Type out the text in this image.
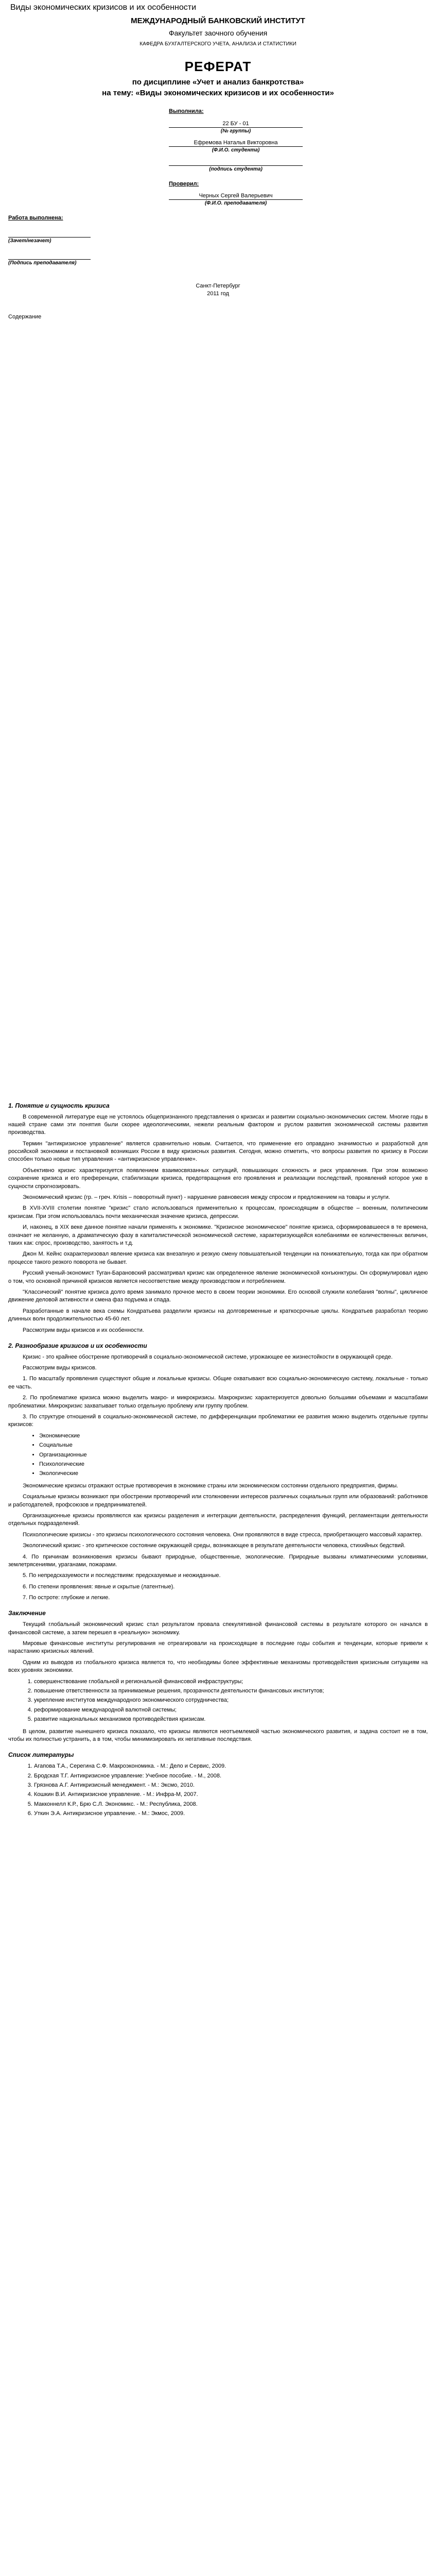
Виды экономических кризисов и их особенности
МЕЖДУНАРОДНЫЙ БАНКОВСКИЙ ИНСТИТУТ
Факультет заочного обучения
КАФЕДРА БУХГАЛТЕРСКОГО УЧЕТА, АНАЛИЗА И СТАТИСТИКИ
РЕФЕРАТ
по дисциплине «Учет и анализ банкротства»
на тему: «Виды экономических кризисов и их особенности»
Выполнила:
22 БУ - 01
(№ группы)
Ефремова Наталья Викторовна
(Ф.И.О. студента)
(подпись студента)
Проверил:
Черных Сергей Валерьевич
(Ф.И.О. преподавателя)
Работа выполнена:
(Зачет/незачет)
(Подпись преподавателя)
Санкт-Петербург
2011 год
Содержание
1. Понятие и сущность кризиса

В современной литературе еще не устоялось общепризнанного представления о кризисах и развитии социально-экономических систем. Многие годы в нашей стране сами эти понятия были скорее идеологическими, нежели реальным фактором и руслом развития экономической системы развития производства.

Термин "антикризисное управление" является сравнительно новым. Считается, что применение его оправдано значимостью и разработкой для российской экономики и постановкой возникших России в виду кризисных развития. Сегодня, можно отметить, что вопросы развития по кризису в России способен только новые тип управления - «антикризисное управление».

Объективно кризис характеризуется появлением взаимосвязанных ситуаций, повышающих сложность и риск управления. При этом возможно сохранение кризиса и его преференции, стабилизации кризиса, предотвращения его проявления и реализации последствий, проявлений которое уже в сущности спрогнозировать.

Экономический кризис (гр. – греч. Krisis – поворотный пункт) - нарушение равновесия между спросом и предложением на товары и услуги.

В XVII-XVIII столетии понятие "кризис" стало использоваться применительно к процессам, происходящим в обществе – военным, политическим кризисам. При этом использовалась почти механическая значение кризиса, депрессии.

И, наконец, в XIX веке данное понятие начали применять к экономике. "Кризисное экономическое" понятие кризиса, сформировавшееся в те времена, означает не желанную, а драматическую фазу в капиталистической экономической системе, характеризующейся колебаниями ее количественных величин, таких как: спрос, производство, занятость и т.д.

Джон М. Кейнс охарактеризовал явление кризиса как внезапную и резкую смену повышательной тенденции на понижательную, тогда как при обратном процессе такого резкого поворота не бывает.

Русский ученый-экономист Туган-Барановский рассматривал кризис как определенное явление экономической конъюнктуры. Он сформулировал идею о том, что основной причиной кризисов является несоответствие между производством и потреблением.

"Классический" понятие кризиса долго время занимало прочное место в своем теории экономики. Его основой служили колебания "волны", цикличное движение деловой активности и смена фаз подъема и спада.

Разработанные в начале века схемы Кондратьева разделили кризисы на долговременные и краткосрочные циклы. Кондратьев разработал теорию длинных волн продолжительностью 45-60 лет.

Рассмотрим виды кризисов и их особенности.

2. Разнообразие кризисов и их особенности

Кризис - это крайнее обострение противоречий в социально-экономической системе, угрожающее ее жизнестойкости в окружающей среде.

Рассмотрим виды кризисов.

1. По масштабу проявления существуют общие и локальные кризисы. Общие охватывают всю социально-экономическую систему, локальные - только ее часть.

2. По проблематике кризиса можно выделить макро- и микрокризисы. Макрокризис характеризуется довольно большими объемами и масштабами проблематики. Микрокризис захватывает только отдельную проблему или группу проблем.

3. По структуре отношений в социально-экономической системе, по дифференциации проблематики ее развития можно выделить отдельные группы кризисов:

• Экономические
• Социальные
• Организационные
• Психологические
• Экологические

Экономические кризисы отражают острые противоречия в экономике страны или экономическом состоянии отдельного предприятия, фирмы.

Социальные кризисы возникают при обострении противоречий или столкновении интересов различных социальных групп или образований: работников и работодателей, профсоюзов и предпринимателей.

Организационные кризисы проявляются как кризисы разделения и интеграции деятельности, распределения функций, регламентации деятельности отдельных подразделений.

Психологические кризисы - это кризисы психологического состояния человека. Они проявляются в виде стресса, приобретающего массовый характер.

Экологический кризис - это критическое состояние окружающей среды, возникающее в результате деятельности человека, стихийных бедствий.

4. По причинам возникновения кризисы бывают природные, общественные, экологические. Природные вызваны климатическими условиями, землетрясениями, ураганами, пожарами.

5. По непредсказуемости и последствиям: предсказуемые и неожиданные.

6. По степени проявления: явные и скрытые (латентные).

7. По остроте: глубокие и легкие.

Заключение

Текущий глобальный экономический кризис стал результатом провала спекулятивной финансовой системы в результате которого он начался в финансовой системе, а затем перешел в «реальную» экономику.

Мировые финансовые институты регулирования не отреагировали на происходящие в последние годы события и тенденции, которые привели к нарастанию кризисных явлений.

Одним из выводов из глобального кризиса является то, что необходимы более эффективные механизмы противодействия кризисным ситуациям на всех уровнях экономики.

1. совершенствование глобальной и региональной финансовой инфраструктуры;
2. повышение ответственности за принимаемые решения, прозрачности деятельности финансовых институтов;
3. укрепление институтов международного экономического сотрудничества;
4. реформирование международной валютной системы;
5. развитие национальных механизмов противодействия кризисам.

В целом, развитие нынешнего кризиса показало, что кризисы являются неотъемлемой частью экономического развития, и задача состоит не в том, чтобы их полностью устранить, а в том, чтобы минимизировать их негативные последствия.

Список литературы
1. Агапова Т.А., Серегина С.Ф. Макроэкономика. - М.: Дело и Сервис, 2009.
2. Бродская Т.Г. Антикризисное управление: Учебное пособие. - М., 2008.
3. Грязнова А.Г. Антикризисный менеджмент. - М.: Эксмо, 2010.
4. Кошкин В.И. Антикризисное управление. - М.: Инфра-М, 2007.
5. Макконнелл К.Р., Брю С.Л. Экономикс. - М.: Республика, 2008.
6. Уткин Э.А. Антикризисное управление. - М.: Экмос, 2009.
